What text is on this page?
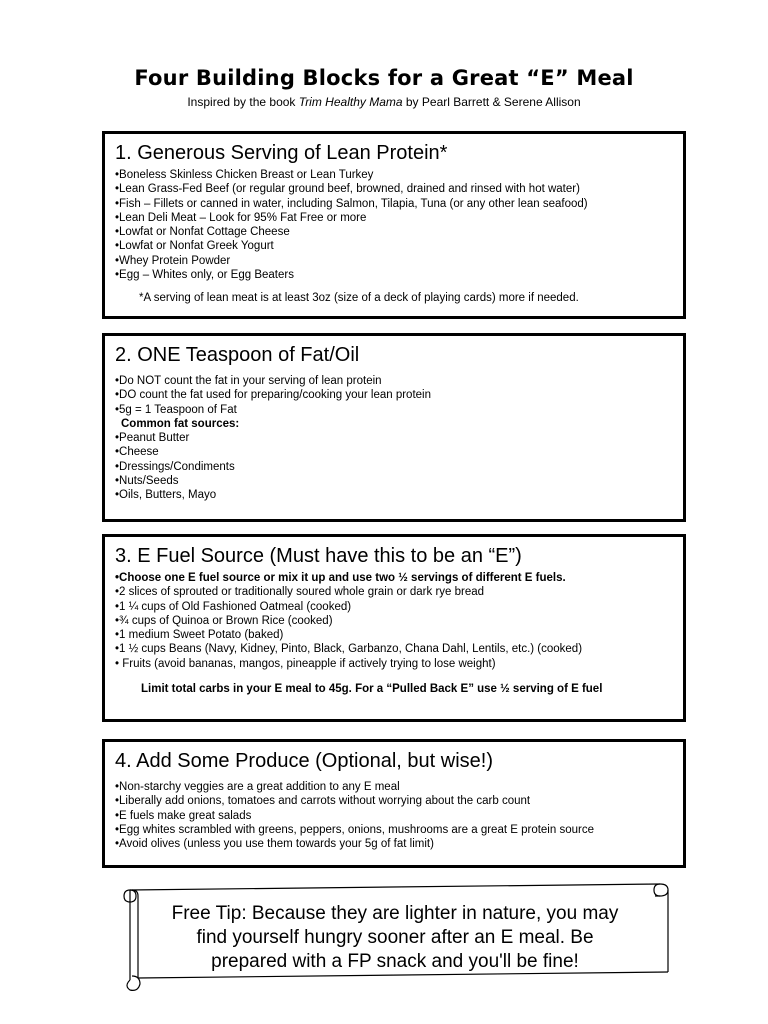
Four Building Blocks for a Great “E” Meal
Inspired by the book Trim Healthy Mama by Pearl Barrett & Serene Allison
1. Generous Serving of Lean Protein*
• Boneless Skinless Chicken Breast or Lean Turkey
• Lean Grass-Fed Beef (or regular ground beef, browned, drained and rinsed with hot water)
• Fish – Fillets or canned in water, including Salmon, Tilapia, Tuna (or any other lean seafood)
• Lean Deli Meat – Look for 95% Fat Free or more
• Lowfat or Nonfat Cottage Cheese
• Lowfat or Nonfat Greek Yogurt
• Whey Protein Powder
• Egg – Whites only, or Egg Beaters
*A serving of lean meat is at least 3oz (size of a deck of playing cards) more if needed.
2. ONE Teaspoon of Fat/Oil
• Do NOT count the fat in your serving of lean protein
• DO count the fat used for preparing/cooking your lean protein
• 5g = 1 Teaspoon of Fat
Common fat sources:
• Peanut Butter
• Cheese
• Dressings/Condiments
• Nuts/Seeds
• Oils, Butters, Mayo
3. E Fuel Source (Must have this to be an “E”)
• Choose one E fuel source or mix it up and use two ½ servings of different E fuels.
• 2 slices of sprouted or traditionally soured whole grain or dark rye bread
• 1 ¼ cups of Old Fashioned Oatmeal (cooked)
• ¾ cups of Quinoa or Brown Rice (cooked)
• 1 medium Sweet Potato (baked)
• 1 ½ cups Beans (Navy, Kidney, Pinto, Black, Garbanzo, Chana Dahl, Lentils, etc.) (cooked)
• Fruits (avoid bananas, mangos, pineapple if actively trying to lose weight)
Limit total carbs in your E meal to 45g. For a “Pulled Back E” use ½ serving of E fuel
4. Add Some Produce (Optional, but wise!)
• Non-starchy veggies are a great addition to any E meal
• Liberally add onions, tomatoes and carrots without worrying about the carb count
• E fuels make great salads
• Egg whites scrambled with greens, peppers, onions, mushrooms are a great E protein source
• Avoid olives (unless you use them towards your 5g of fat limit)
Free Tip: Because they are lighter in nature, you may
find yourself hungry sooner after an E meal. Be
prepared with a FP snack and you'll be fine!
